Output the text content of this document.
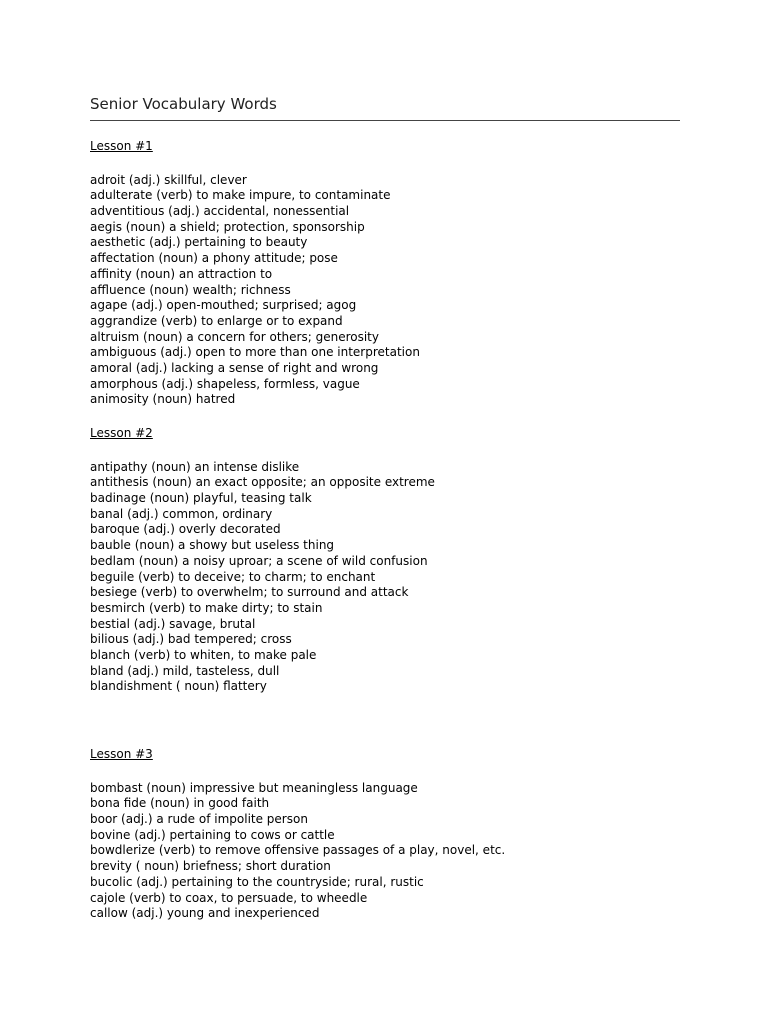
Senior Vocabulary Words

Lesson #1

adroit (adj.) skillful, clever
adulterate (verb) to make impure, to contaminate
adventitious (adj.) accidental, nonessential
aegis (noun) a shield; protection, sponsorship
aesthetic (adj.) pertaining to beauty
affectation (noun) a phony attitude; pose
affinity (noun) an attraction to
affluence (noun) wealth; richness
agape (adj.) open-mouthed; surprised; agog
aggrandize (verb) to enlarge or to expand
altruism (noun) a concern for others; generosity
ambiguous (adj.) open to more than one interpretation
amoral (adj.) lacking a sense of right and wrong
amorphous (adj.) shapeless, formless, vague
animosity (noun) hatred

Lesson #2

antipathy (noun) an intense dislike
antithesis (noun) an exact opposite; an opposite extreme
badinage (noun) playful, teasing talk
banal (adj.) common, ordinary
baroque (adj.) overly decorated
bauble (noun) a showy but useless thing
bedlam (noun) a noisy uproar; a scene of wild confusion
beguile (verb) to deceive; to charm; to enchant
besiege (verb) to overwhelm; to surround and attack
besmirch (verb) to make dirty; to stain
bestial (adj.) savage, brutal
bilious (adj.) bad tempered; cross
blanch (verb) to whiten, to make pale
bland (adj.) mild, tasteless, dull
blandishment ( noun) flattery

Lesson #3

bombast (noun) impressive but meaningless language
bona fide (noun) in good faith
boor (adj.) a rude of impolite person
bovine (adj.) pertaining to cows or cattle
bowdlerize (verb) to remove offensive passages of a play, novel, etc.
brevity ( noun) briefness; short duration
bucolic (adj.) pertaining to the countryside; rural, rustic
cajole (verb) to coax, to persuade, to wheedle
callow (adj.) young and inexperienced
